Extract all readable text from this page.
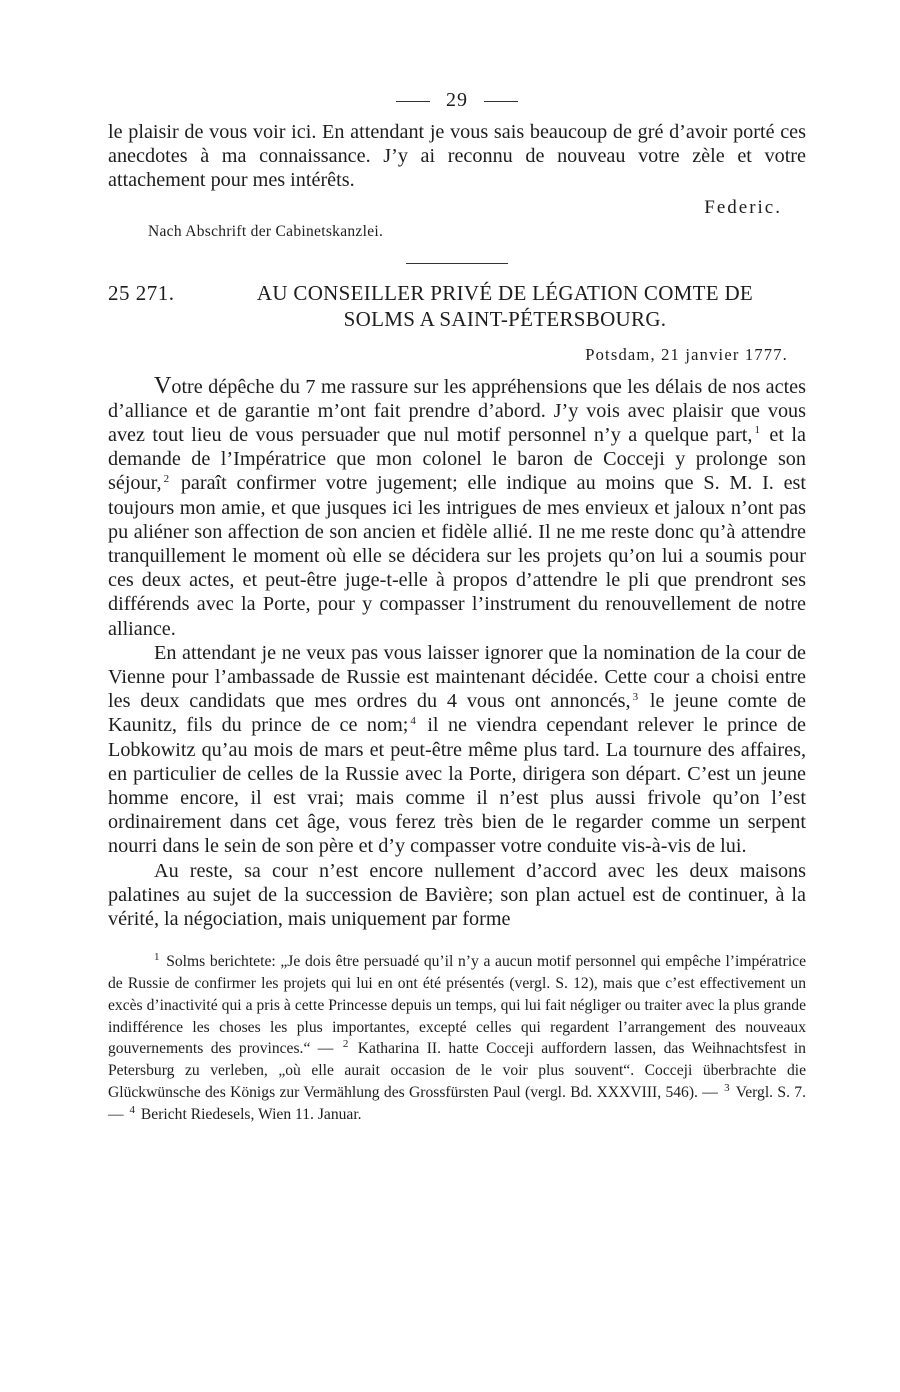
29

le plaisir de vous voir ici. En attendant je vous sais beaucoup de gré d’avoir porté ces anecdotes à ma connaissance. J’y ai reconnu de nouveau votre zèle et votre attachement pour mes intérêts.

Federic.
Nach Abschrift der Cabinetskanzlei.
25 271.	AU CONSEILLER PRIVÉ DE LÉGATION COMTE DE
SOLMS A SAINT-PÉTERSBOURG.
Potsdam, 21 janvier 1777.

Votre dépêche du 7 me rassure sur les appréhensions que les délais de nos actes d’alliance et de garantie m’ont fait prendre d’abord. J’y vois avec plaisir que vous avez tout lieu de vous persuader que nul motif personnel n’y a quelque part, $^1$ et la demande de l’Impératrice que mon colonel le baron de Cocceji y prolonge son séjour, $^2$ paraît confirmer votre jugement; elle indique au moins que S. M. I. est toujours mon amie, et que jusques ici les intrigues de mes envieux et jaloux n’ont pas pu aliéner son affection de son ancien et fidèle allié. Il ne me reste donc qu’à attendre tranquillement le moment où elle se décidera sur les projets qu’on lui a soumis pour ces deux actes, et peut-être juge-t-elle à propos d’attendre le pli que prendront ses différends avec la Porte, pour y compasser l’instrument du renouvellement de notre alliance.

En attendant je ne veux pas vous laisser ignorer que la nomination de la cour de Vienne pour l’ambassade de Russie est maintenant décidée. Cette cour a choisi entre les deux candidats que mes ordres du 4 vous ont annoncés, $^3$ le jeune comte de Kaunitz, fils du prince de ce nom; $^4$ il ne viendra cependant relever le prince de Lobkowitz qu’au mois de mars et peut-être même plus tard. La tournure des affaires, en particulier de celles de la Russie avec la Porte, dirigera son départ. C’est un jeune homme encore, il est vrai; mais comme il n’est plus aussi frivole qu’on l’est ordinairement dans cet âge, vous ferez très bien de le regarder comme un serpent nourri dans le sein de son père et d’y compasser votre conduite vis-à-vis de lui.

Au reste, sa cour n’est encore nullement d’accord avec les deux maisons palatines au sujet de la succession de Bavière; son plan actuel est de continuer, à la vérité, la négociation, mais uniquement par forme

$^1$ Solms berichtete: „Je dois être persuadé qu’il n’y a aucun motif personnel qui empêche l’impératrice de Russie de confirmer les projets qui lui en ont été présentés (vergl. S. 12), mais que c’est effectivement un excès d’inactivité qui a pris à cette Princesse depuis un temps, qui lui fait négliger ou traiter avec la plus grande indifférence les choses les plus importantes, excepté celles qui regardent l’arrangement des nouveaux gouvernements des provinces.“ — $^2$ Katharina II. hatte Cocceji auffordern lassen, das Weihnachtsfest in Petersburg zu verleben, „où elle aurait occasion de le voir plus souvent“. Cocceji überbrachte die Glückwünsche des Königs zur Vermählung des Grossfürsten Paul (vergl. Bd. XXXVIII, 546). — $^3$ Vergl. S. 7. — $^4$ Bericht Riedesels, Wien 11. Januar.
